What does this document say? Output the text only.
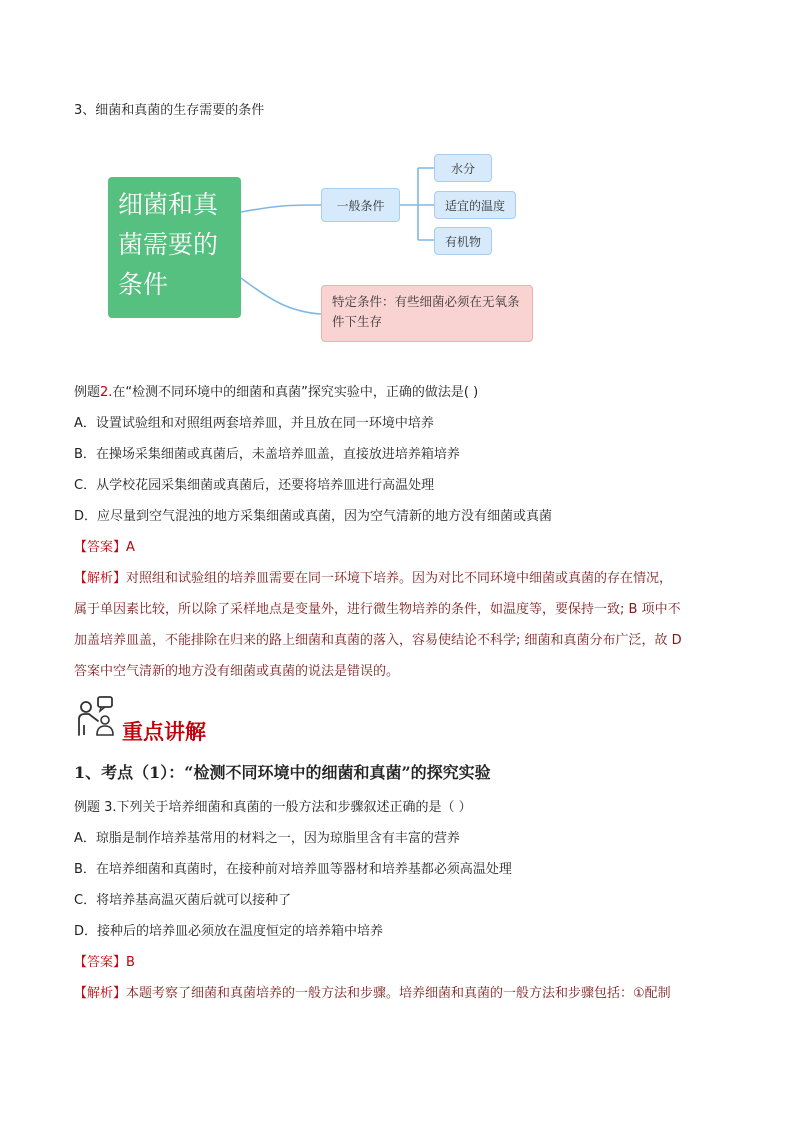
3、细菌和真菌的生存需要的条件
细菌和真菌需要的条件
一般条件
水分
适宜的温度
有机物
特定条件：有些细菌必须在无氧条件下生存
例题2.在“检测不同环境中的细菌和真菌”探究实验中，正确的做法是( )
A．设置试验组和对照组两套培养皿，并且放在同一环境中培养
B．在操场采集细菌或真菌后，未盖培养皿盖，直接放进培养箱培养
C．从学校花园采集细菌或真菌后，还要将培养皿进行高温处理
D．应尽量到空气混浊的地方采集细菌或真菌，因为空气清新的地方没有细菌或真菌
【答案】A
【解析】对照组和试验组的培养皿需要在同一环境下培养。因为对比不同环境中细菌或真菌的存在情况，
属于单因素比较，所以除了采样地点是变量外，进行微生物培养的条件，如温度等，要保持一致; B 项中不
加盖培养皿盖，不能排除在归来的路上细菌和真菌的落入，容易使结论不科学; 细菌和真菌分布广泛，故 D
答案中空气清新的地方没有细菌或真菌的说法是错误的。
重点讲解
1、考点（1）：“检测不同环境中的细菌和真菌”的探究实验
例题 3.下列关于培养细菌和真菌的一般方法和步骤叙述正确的是（ ）
A．琼脂是制作培养基常用的材料之一，因为琼脂里含有丰富的营养
B．在培养细菌和真菌时，在接种前对培养皿等器材和培养基都必须高温处理
C．将培养基高温灭菌后就可以接种了
D．接种后的培养皿必须放在温度恒定的培养箱中培养
【答案】B
【解析】本题考察了细菌和真菌培养的一般方法和步骤。培养细菌和真菌的一般方法和步骤包括：①配制
